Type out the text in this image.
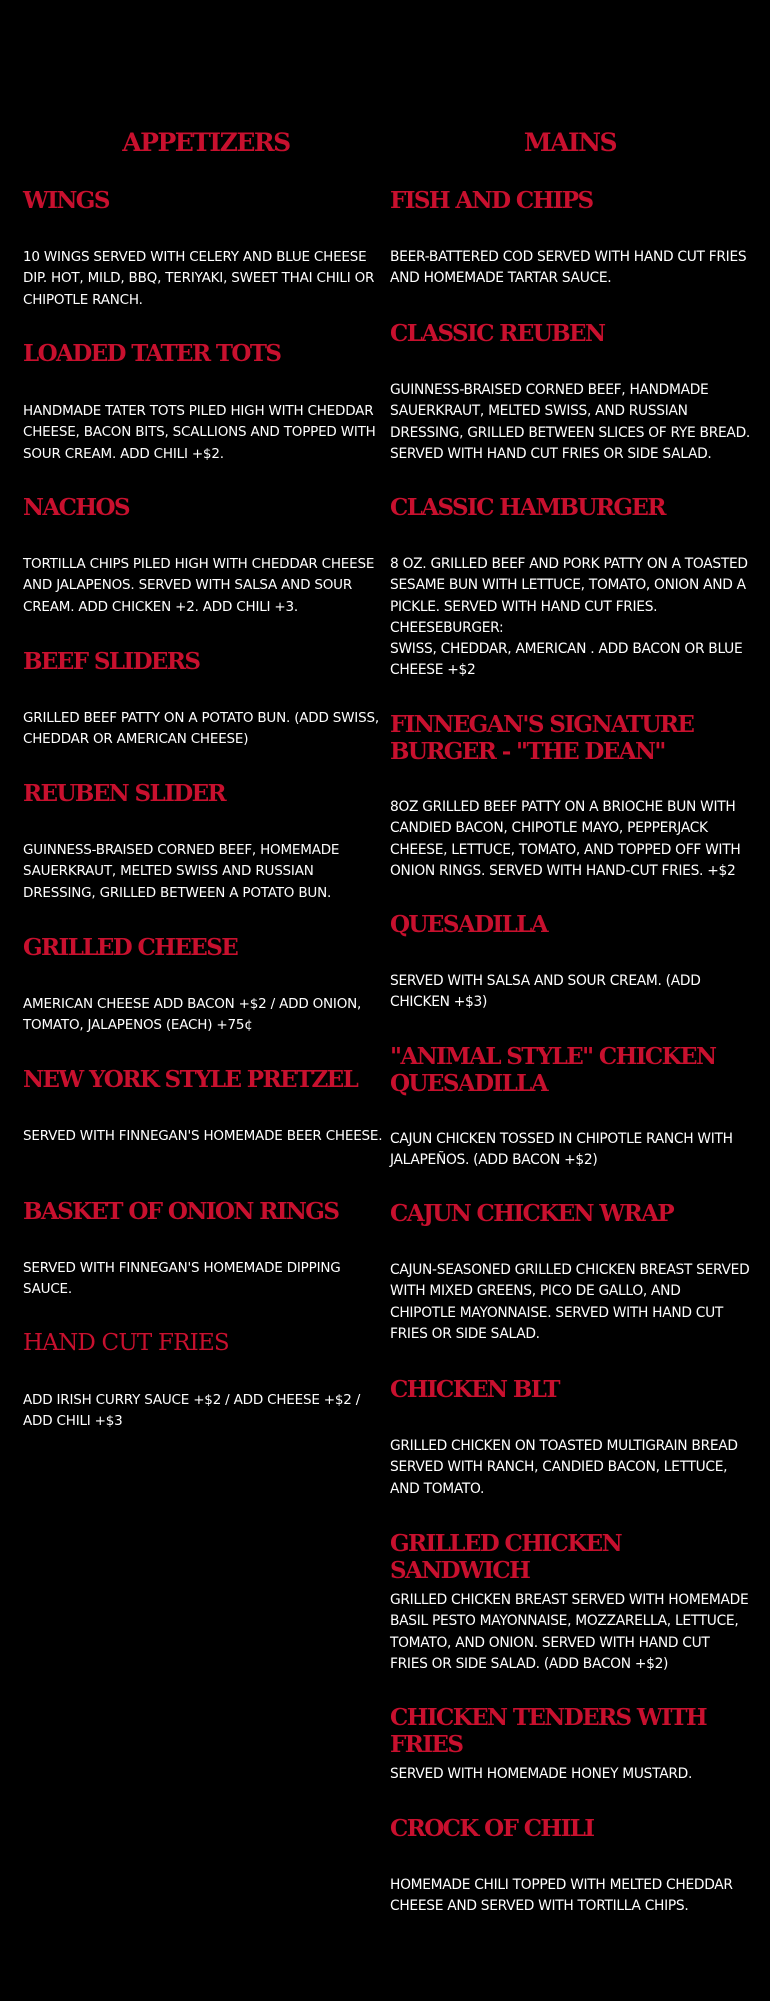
APPETIZERS
WINGS

10 WINGS SERVED WITH CELERY AND BLUE CHEESE DIP. HOT, MILD, BBQ, TERIYAKI, SWEET THAI CHILI OR CHIPOTLE RANCH.

LOADED TATER TOTS

HANDMADE TATER TOTS PILED HIGH WITH CHEDDAR CHEESE, BACON BITS, SCALLIONS AND TOPPED WITH SOUR CREAM. ADD CHILI +$2.

NACHOS

TORTILLA CHIPS PILED HIGH WITH CHEDDAR CHEESE AND JALAPENOS. SERVED WITH SALSA AND SOUR CREAM. ADD CHICKEN +2. ADD CHILI +3.

BEEF SLIDERS

GRILLED BEEF PATTY ON A POTATO BUN. (ADD SWISS, CHEDDAR OR AMERICAN CHEESE)

REUBEN SLIDER

GUINNESS-BRAISED CORNED BEEF, HOMEMADE SAUERKRAUT, MELTED SWISS AND RUSSIAN DRESSING, GRILLED BETWEEN A POTATO BUN.

GRILLED CHEESE

AMERICAN CHEESE ADD BACON +$2 / ADD ONION, TOMATO, JALAPENOS (EACH) +75¢

NEW YORK STYLE PRETZEL

SERVED WITH FINNEGAN'S HOMEMADE BEER CHEESE.

BASKET OF ONION RINGS

SERVED WITH FINNEGAN'S HOMEMADE DIPPING SAUCE.

HAND CUT FRIES

ADD IRISH CURRY SAUCE +$2 / ADD CHEESE +$2 / ADD CHILI +$3

MAINS
FISH AND CHIPS

BEER-BATTERED COD SERVED WITH HAND CUT FRIES AND HOMEMADE TARTAR SAUCE.

CLASSIC REUBEN

GUINNESS-BRAISED CORNED BEEF, HANDMADE SAUERKRAUT, MELTED SWISS, AND RUSSIAN DRESSING, GRILLED BETWEEN SLICES OF RYE BREAD. SERVED WITH HAND CUT FRIES OR SIDE SALAD.

CLASSIC HAMBURGER

8 OZ. GRILLED BEEF AND PORK PATTY ON A TOASTED SESAME BUN WITH LETTUCE, TOMATO, ONION AND A PICKLE. SERVED WITH HAND CUT FRIES.

CHEESEBURGER:

SWISS, CHEDDAR, AMERICAN . ADD BACON OR BLUE CHEESE +$2

FINNEGAN'S SIGNATURE BURGER - "THE DEAN"

8OZ GRILLED BEEF PATTY ON A BRIOCHE BUN WITH CANDIED BACON, CHIPOTLE MAYO, PEPPERJACK CHEESE, LETTUCE, TOMATO, AND TOPPED OFF WITH ONION RINGS. SERVED WITH HAND-CUT FRIES. +$2

QUESADILLA

SERVED WITH SALSA AND SOUR CREAM. (ADD CHICKEN +$3)

"ANIMAL STYLE" CHICKEN QUESADILLA

CAJUN CHICKEN TOSSED IN CHIPOTLE RANCH WITH JALAPEÑOS. (ADD BACON +$2)

CAJUN CHICKEN WRAP

CAJUN-SEASONED GRILLED CHICKEN BREAST SERVED WITH MIXED GREENS, PICO DE GALLO, AND CHIPOTLE MAYONNAISE. SERVED WITH HAND CUT FRIES OR SIDE SALAD.

CHICKEN BLT

GRILLED CHICKEN ON TOASTED MULTIGRAIN BREAD SERVED WITH RANCH, CANDIED BACON, LETTUCE, AND TOMATO.

GRILLED CHICKEN SANDWICH

GRILLED CHICKEN BREAST SERVED WITH HOMEMADE BASIL PESTO MAYONNAISE, MOZZARELLA, LETTUCE, TOMATO, AND ONION. SERVED WITH HAND CUT FRIES OR SIDE SALAD. (ADD BACON +$2)

CHICKEN TENDERS WITH FRIES

SERVED WITH HOMEMADE HONEY MUSTARD.

CROCK OF CHILI

HOMEMADE CHILI TOPPED WITH MELTED CHEDDAR CHEESE AND SERVED WITH TORTILLA CHIPS.
